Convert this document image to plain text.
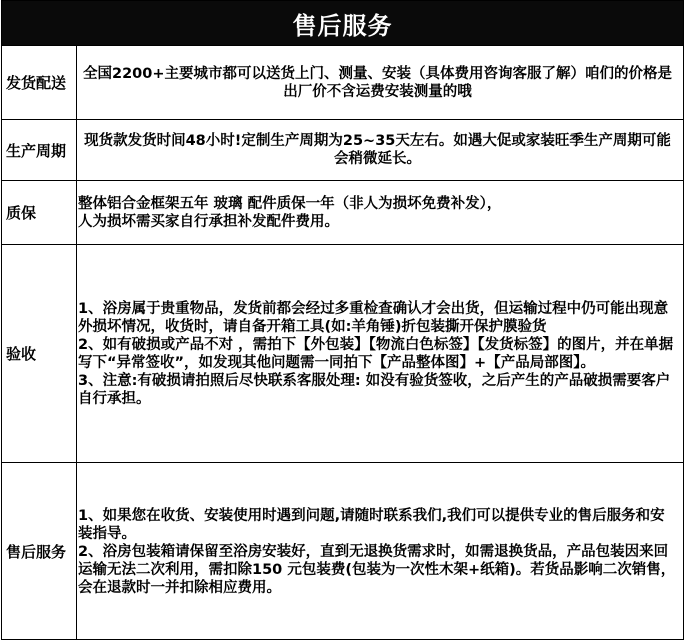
售后服务
发货配送
全国2200+主要城市都可以送货上门、测量、安装（具体费用咨询客服了解）咱们的价格是出厂价不含运费安装测量的哦
生产周期
现货款发货时间48小时!定制生产周期为25~35天左右。如遇大促或家装旺季生产周期可能会稍微延长。
质保

整体铝合金框架五年 玻璃 配件质保一年（非人为损坏免费补发），

人为损坏需买家自行承担补发配件费用。

验收

1、浴房属于贵重物品，发货前都会经过多重检查确认才会出货，但运输过程中仍可能出现意外损坏情况，收货时，请自备开箱工具(如:羊角锤)折包装撕开保护膜验货

2、如有破损或产品不对 ，需拍下【外包装】【物流白色标签】【发货标签】的图片，并在单据写下“异常签收”，如发现其他问题需一同拍下【产品整体图】+【产品局部图】。

3、注意:有破损请拍照后尽快联系客服处理: 如没有验货签收，之后产生的产品破损需要客户自行承担。

售后服务

1、如果您在收货、安装使用时遇到问题,请随时联系我们,我们可以提供专业的售后服务和安装指导。

2、浴房包装箱请保留至浴房安装好，直到无退换货需求时，如需退换货品，产品包装因来回运输无法二次利用，需扣除150 元包装费(包装为一次性木架+纸箱)。若货品影响二次销售，会在退款时一并扣除相应费用。
